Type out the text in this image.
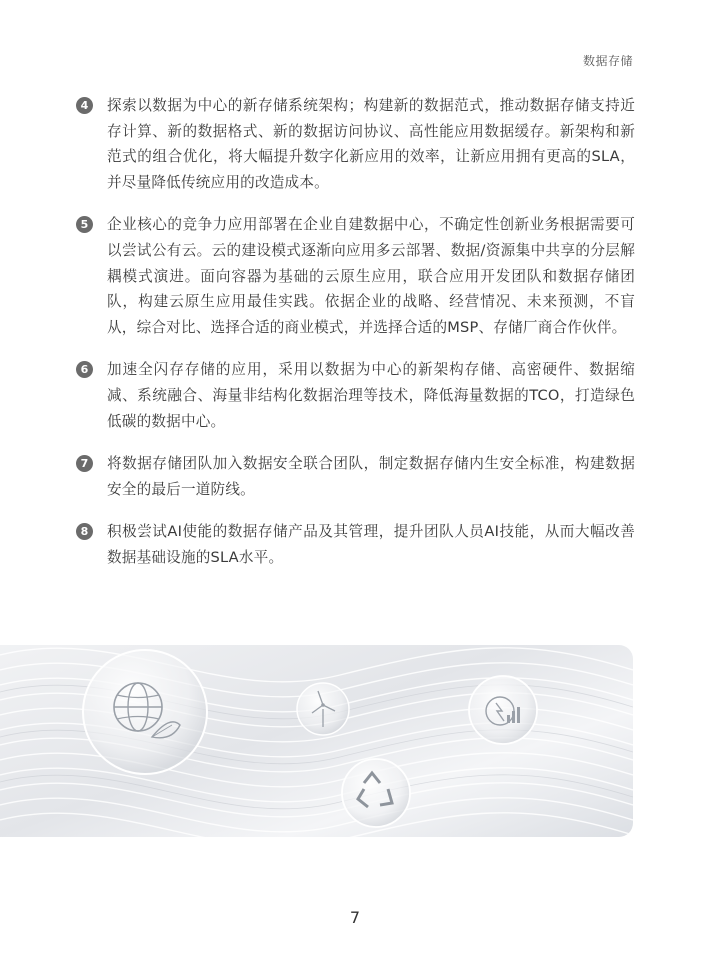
数据存储
4	探索以数据为中心的新存储系统架构；构建新的数据范式，推动数据存储支持近存计算、新的数据格式、新的数据访问协议、高性能应用数据缓存。新架构和新范式的组合优化，将大幅提升数字化新应用的效率，让新应用拥有更高的SLA，并尽量降低传统应用的改造成本。
5	企业核心的竞争力应用部署在企业自建数据中心，不确定性创新业务根据需要可以尝试公有云。云的建设模式逐渐向应用多云部署、数据/资源集中共享的分层解耦模式演进。面向容器为基础的云原生应用，联合应用开发团队和数据存储团队，构建云原生应用最佳实践。依据企业的战略、经营情况、未来预测，不盲从，综合对比、选择合适的商业模式，并选择合适的MSP、存储厂商合作伙伴。
6	加速全闪存存储的应用，采用以数据为中心的新架构存储、高密硬件、数据缩减、系统融合、海量非结构化数据治理等技术，降低海量数据的TCO，打造绿色低碳的数据中心。
7	将数据存储团队加入数据安全联合团队，制定数据存储内生安全标准，构建数据安全的最后一道防线。
8	积极尝试AI使能的数据存储产品及其管理，提升团队人员AI技能，从而大幅改善数据基础设施的SLA水平。
7
